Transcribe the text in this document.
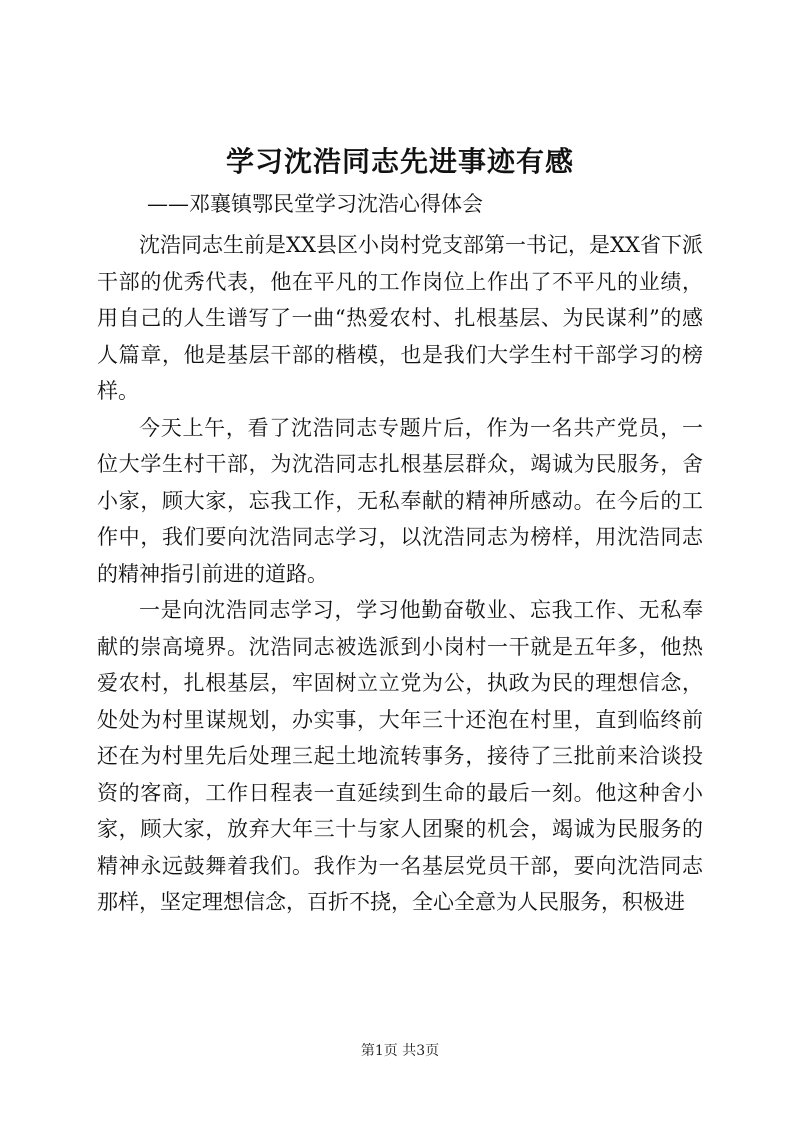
学习沈浩同志先进事迹有感
——邓襄镇鄂民堂学习沈浩心得体会

沈浩同志生前是XX县区小岗村党支部第一书记，是XX省下派干部的优秀代表，他在平凡的工作岗位上作出了不平凡的业绩，用自己的人生谱写了一曲“热爱农村、扎根基层、为民谋利”的感人篇章，他是基层干部的楷模，也是我们大学生村干部学习的榜样。

今天上午，看了沈浩同志专题片后，作为一名共产党员，一位大学生村干部，为沈浩同志扎根基层群众，竭诚为民服务，舍小家，顾大家，忘我工作，无私奉献的精神所感动。在今后的工作中，我们要向沈浩同志学习，以沈浩同志为榜样，用沈浩同志的精神指引前进的道路。

一是向沈浩同志学习，学习他勤奋敬业、忘我工作、无私奉献的崇高境界。沈浩同志被选派到小岗村一干就是五年多，他热爱农村，扎根基层，牢固树立立党为公，执政为民的理想信念，处处为村里谋规划，办实事，大年三十还泡在村里，直到临终前还在为村里先后处理三起土地流转事务，接待了三批前来洽谈投资的客商，工作日程表一直延续到生命的最后一刻。他这种舍小家，顾大家，放弃大年三十与家人团聚的机会，竭诚为民服务的精神永远鼓舞着我们。我作为一名基层党员干部，要向沈浩同志那样，坚定理想信念，百折不挠，全心全意为人民服务，积极进

第1页 共3页
